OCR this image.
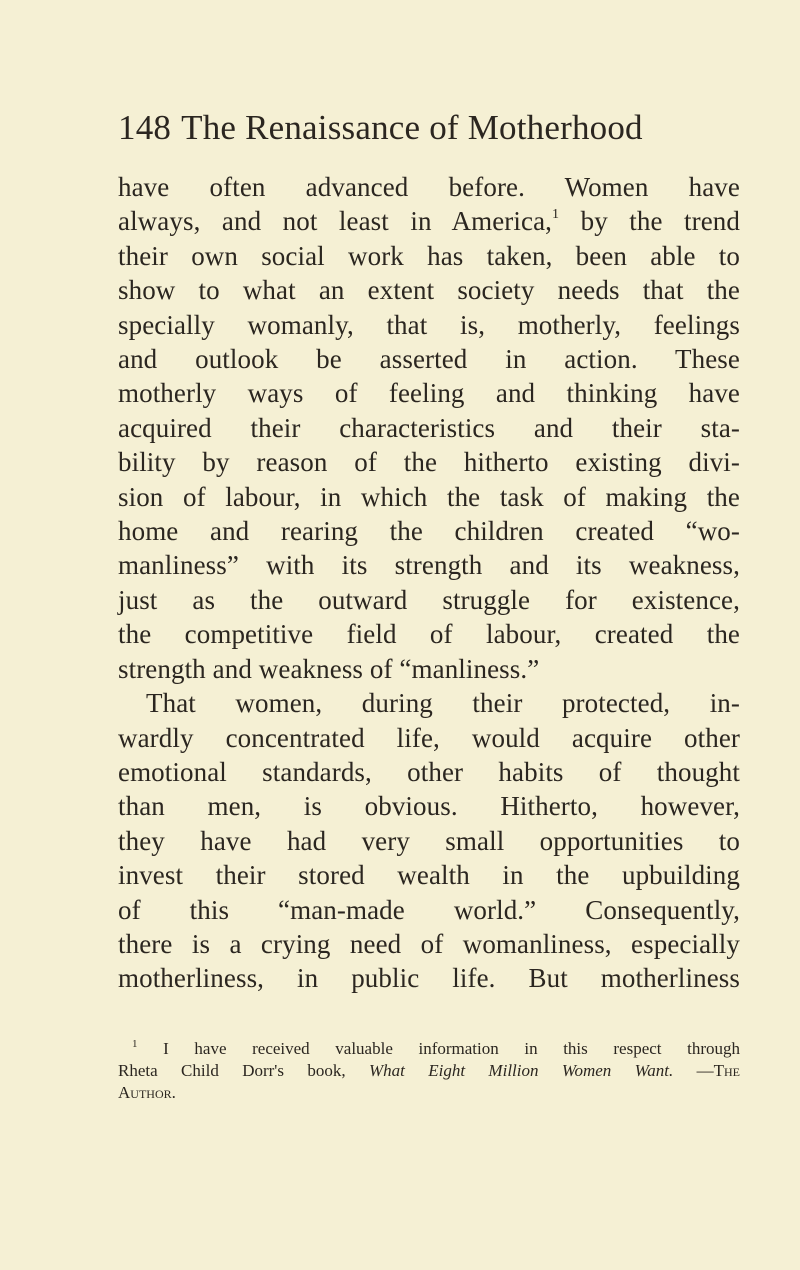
148 The Renaissance of Motherhood
have often advanced before. Women have
always, and not least in America,$^1$ by the trend
their own social work has taken, been able to
show to what an extent society needs that the
specially womanly, that is, motherly, feelings
and outlook be asserted in action. These
motherly ways of feeling and thinking have
acquired their characteristics and their sta-
bility by reason of the hitherto existing divi-
sion of labour, in which the task of making the
home and rearing the children created “wo-
manliness” with its strength and its weakness,
just as the outward struggle for existence,
the competitive field of labour, created the
strength and weakness of “manliness.”
That women, during their protected, in-
wardly concentrated life, would acquire other
emotional standards, other habits of thought
than men, is obvious. Hitherto, however,
they have had very small opportunities to
invest their stored wealth in the upbuilding
of this “man-made world.” Consequently,
there is a crying need of womanliness, especially
motherliness, in public life. But motherliness
$^1$ I have received valuable information in this respect through
Rheta Child Dorr's book, What Eight Million Women Want. —The
Author.
